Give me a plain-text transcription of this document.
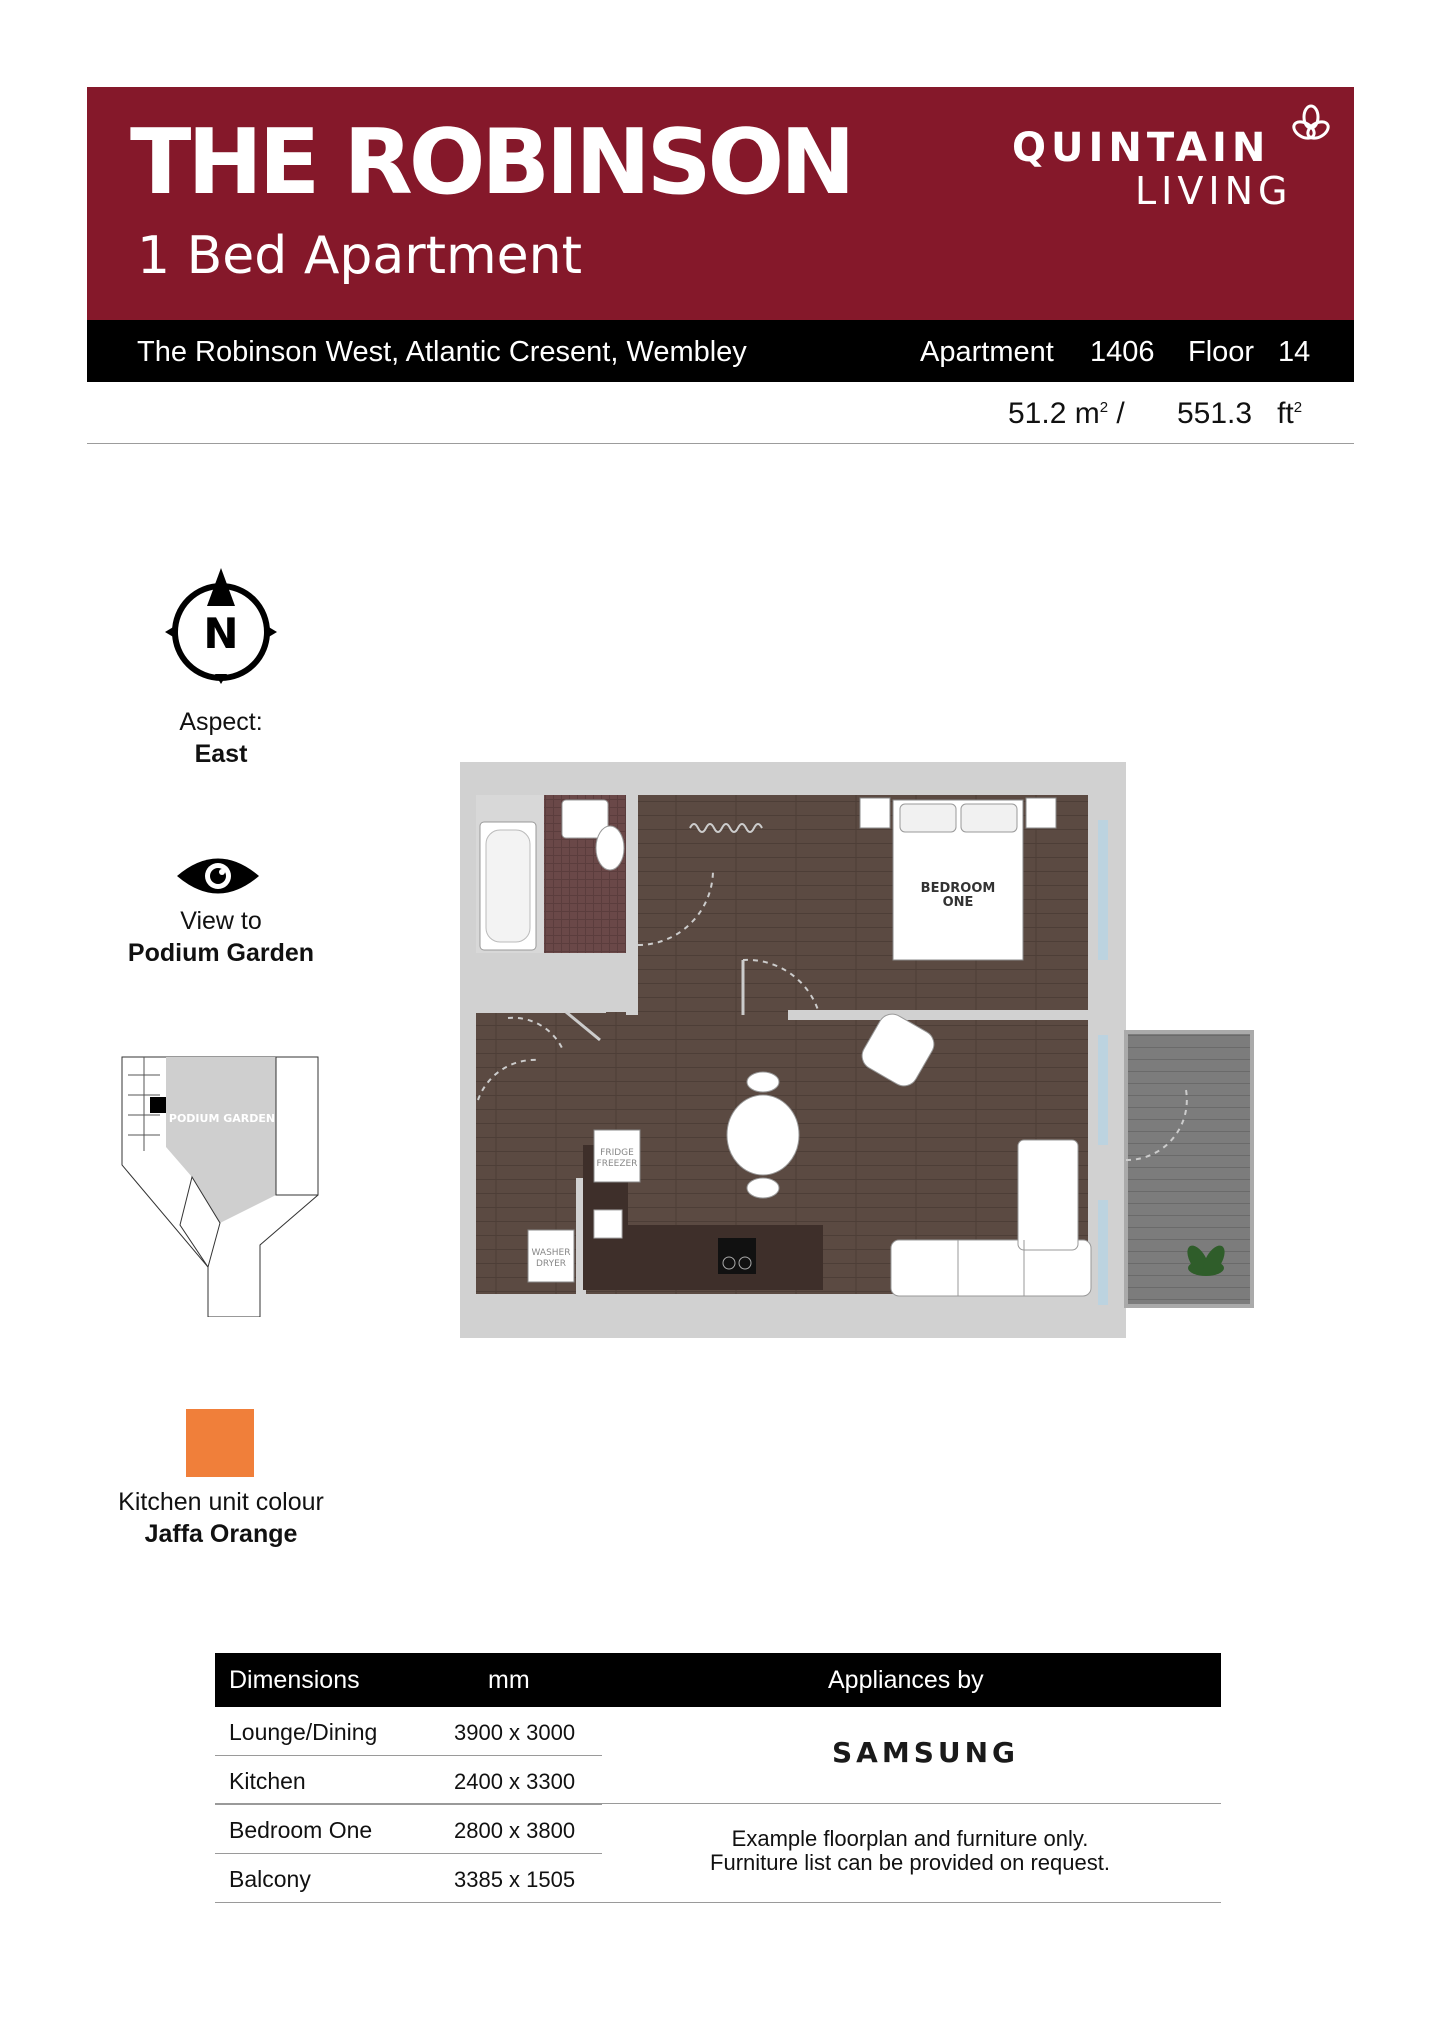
THE ROBINSON
1 Bed Apartment
QUINTAIN
LIVING
The Robinson West, Atlantic Cresent, Wembley	Apartment 1406 Floor 14
51.2 $m^2 / 551.3$ $ft^2$
N
Aspect:
East
View to
Podium Garden
PODIUM GARDEN
Kitchen unit colour
Jaffa Orange
BEDROOM
ONE
FRIDGE
FREEZER
WASHER
DRYER
Dimensions	mm	Appliances by
Lounge/Dining	3900 x 3000
Kitchen	2400 x 3300
Bedroom One	2800 x 3800
Balcony	3385 x 1505
SAMSUNG
Example floorplan and furniture only.
Furniture list can be provided on request.
